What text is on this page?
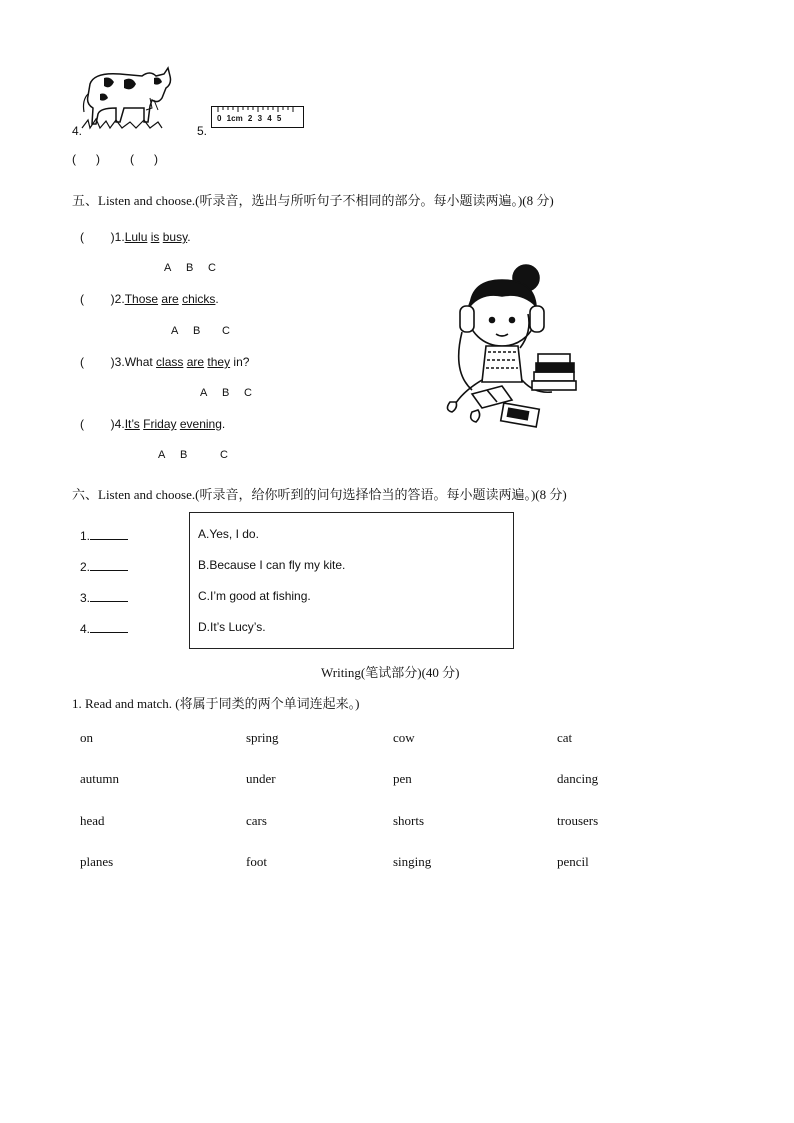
4.	5.
0 1cm 2 3 4 5
(      )	(      )
五、Listen and choose.(听录音，选出与所听句子不相同的部分。每小题读两遍。)(8 分)
(        )1.Lulu is busy.
A B C
(        )2.Those are chicks.
A B C
(        )3.What class are they in?
A B C
(        )4.It’s Friday evening.
A B	C
六、Listen and choose.(听录音，给你听到的问句选择恰当的答语。每小题读两遍。)(8 分)
1.
2.
3.
4.
A.Yes, I do.
B.Because I can fly my kite.
C.I’m good at fishing.
D.It’s Lucy’s.
Writing(笔试部分)(40 分)
1. Read and match. (将属于同类的两个单词连起来。)
on	spring	cow	cat
autumn	under	pen	dancing
head	cars	shorts	trousers
planes	foot	singing	pencil
